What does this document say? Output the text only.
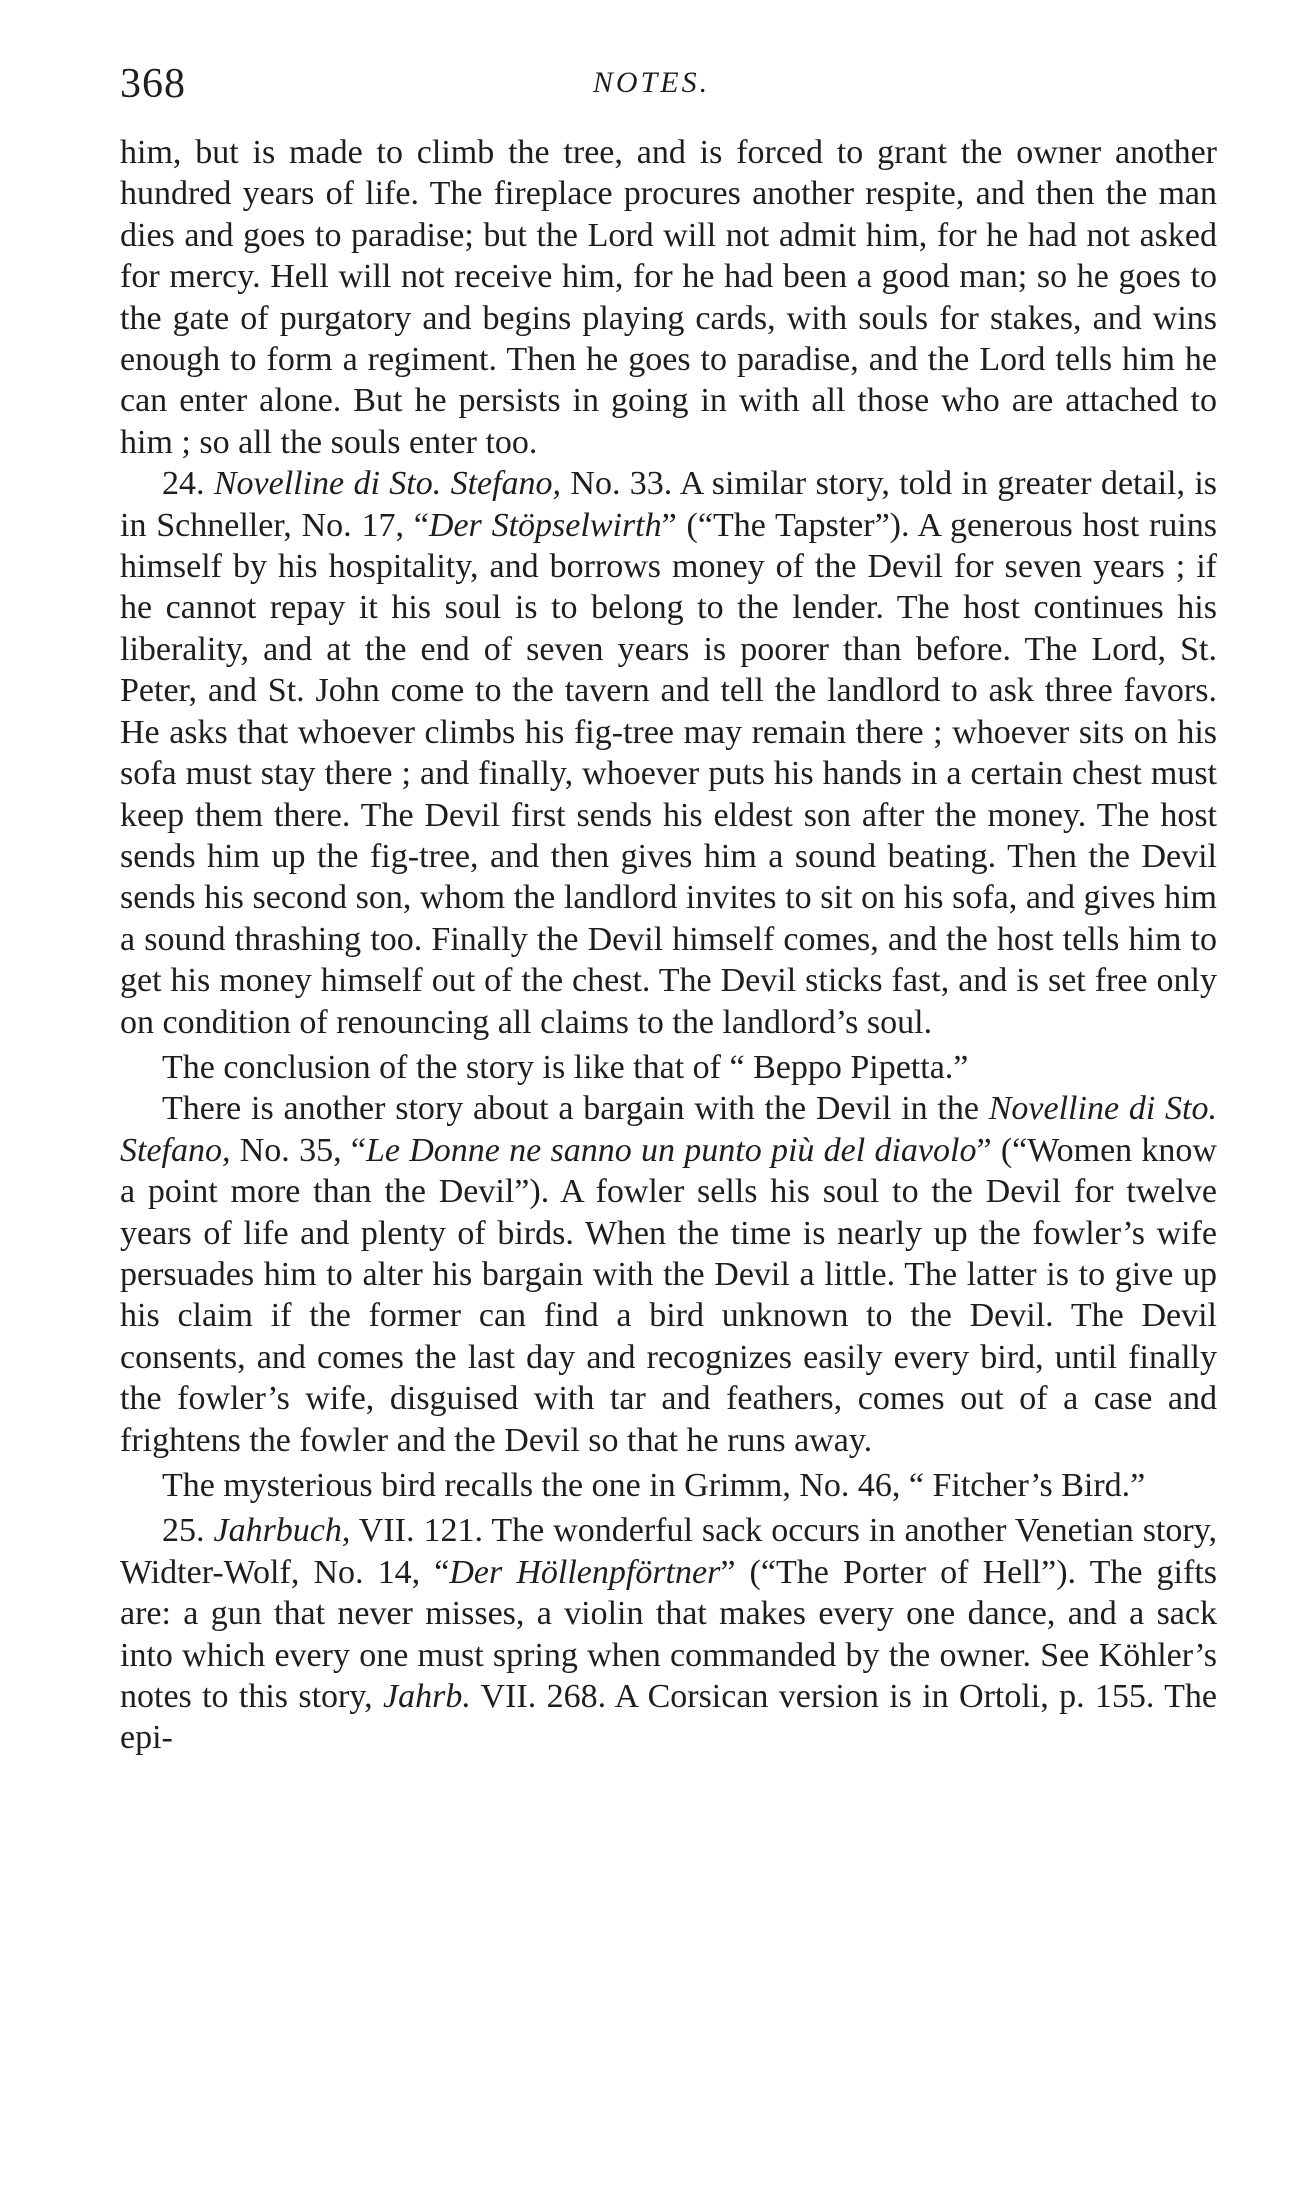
368	NOTES.

him, but is made to climb the tree, and is forced to grant the owner another hundred years of life. The fireplace procures another respite, and then the man dies and goes to paradise; but the Lord will not admit him, for he had not asked for mercy. Hell will not receive him, for he had been a good man; so he goes to the gate of purgatory and begins playing cards, with souls for stakes, and wins enough to form a regiment. Then he goes to paradise, and the Lord tells him he can enter alone. But he persists in going in with all those who are attached to him ; so all the souls enter too.

24. Novelline di Sto. Stefano, No. 33. A similar story, told in greater detail, is in Schneller, No. 17, “Der Stöpselwirth” (“The Tapster”). A generous host ruins himself by his hospitality, and borrows money of the Devil for seven years ; if he cannot repay it his soul is to belong to the lender. The host continues his liberality, and at the end of seven years is poorer than before. The Lord, St. Peter, and St. John come to the tavern and tell the landlord to ask three favors. He asks that whoever climbs his fig-tree may remain there ; whoever sits on his sofa must stay there ; and finally, whoever puts his hands in a certain chest must keep them there. The Devil first sends his eldest son after the money. The host sends him up the fig-tree, and then gives him a sound beating. Then the Devil sends his second son, whom the landlord invites to sit on his sofa, and gives him a sound thrashing too. Finally the Devil himself comes, and the host tells him to get his money himself out of the chest. The Devil sticks fast, and is set free only on condition of renouncing all claims to the landlord’s soul.

The conclusion of the story is like that of “ Beppo Pipetta.”

There is another story about a bargain with the Devil in the Novelline di Sto. Stefano, No. 35, “Le Donne ne sanno un punto più del diavolo” (“Women know a point more than the Devil”). A fowler sells his soul to the Devil for twelve years of life and plenty of birds. When the time is nearly up the fowler’s wife persuades him to alter his bargain with the Devil a little. The latter is to give up his claim if the former can find a bird unknown to the Devil. The Devil consents, and comes the last day and recognizes easily every bird, until finally the fowler’s wife, disguised with tar and feathers, comes out of a case and frightens the fowler and the Devil so that he runs away.

The mysterious bird recalls the one in Grimm, No. 46, “ Fitcher’s Bird.”

25. Jahrbuch, VII. 121. The wonderful sack occurs in another Venetian story, Widter-Wolf, No. 14, “Der Höllenpförtner” (“The Porter of Hell”). The gifts are: a gun that never misses, a violin that makes every one dance, and a sack into which every one must spring when commanded by the owner. See Köhler’s notes to this story, Jahrb. VII. 268. A Corsican version is in Ortoli, p. 155. The epi-
